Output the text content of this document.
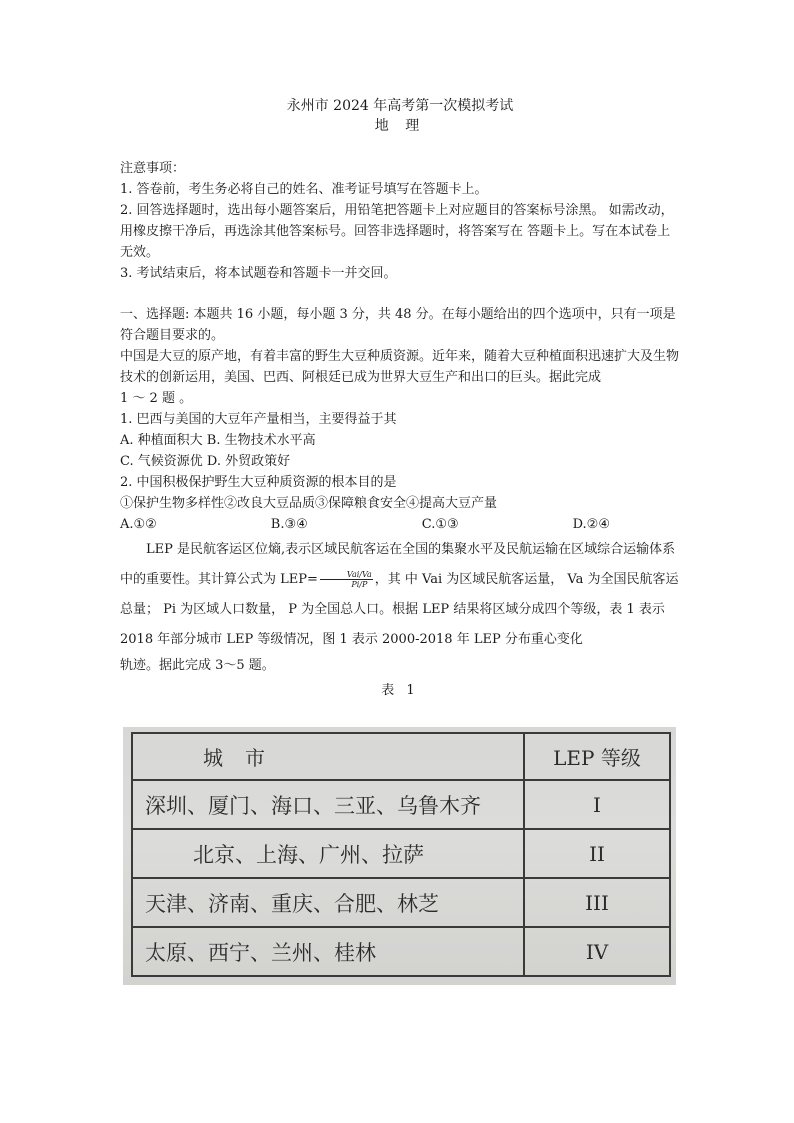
永州市 2024 年高考第一次模拟考试
地 理
注意事项：
1. 答卷前，考生务必将自己的姓名、准考证号填写在答题卡上。
2. 回答选择题时，选出每小题答案后，用铅笔把答题卡上对应题目的答案标号涂黑。 如需改动，用橡皮擦干净后，再选涂其他答案标号。回答非选择题时，将答案写在 答题卡上。写在本试卷上无效。
3. 考试结束后，将本试题卷和答题卡一并交回。
一、选择题: 本题共 16 小题，每小题 3 分，共 48 分。在每小题给出的四个选项中，只有一项是符合题目要求的。
中国是大豆的原产地，有着丰富的野生大豆种质资源。近年来，随着大豆种植面积迅速扩大及生物技术的创新运用，美国、巴西、阿根廷已成为世界大豆生产和出口的巨头。据此完成
1 ～ 2 题 。
1. 巴西与美国的大豆年产量相当，主要得益于其
A. 种植面积大 B. 生物技术水平高
C. 气候资源优 D. 外贸政策好
2. 中国积极保护野生大豆种质资源的根本目的是
①保护生物多样性②改良大豆品质③保障粮食安全④提高大豆产量
A.①②	B.③④	C.①③	D.②④
LEP 是民航客运区位熵,表示区域民航客运在全国的集聚水平及民航运输在区域综合运输体系中的重要性。其计算公式为 $LEP= \frac{\text{Vai/Va}}{Pi/P}$ ，其 中 Vai 为区域民航客运量， Va 为全国民航客运总量； Pi 为区域人口数量， P 为全国总人口。根据 LEP 结果将区域分成四个等级，表 1 表示 2018 年部分城市 LEP 等级情况，图 1 表示 2000-2018 年 LEP 分布重心变化
轨迹。据此完成 3～5 题。
表 1
城市	LEP 等级
深圳、厦门、海口、三亚、乌鲁木齐	I
北京、上海、广州、拉萨	II
天津、济南、重庆、合肥、林芝	III
太原、西宁、兰州、桂林	IV
